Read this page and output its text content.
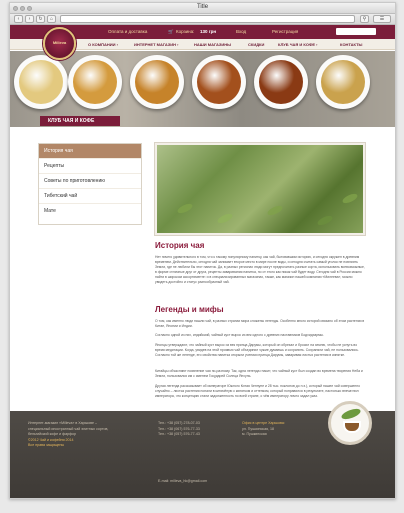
Title
‹	›	↻	⌂	⚲	☰
Оплата и доставка	🛒 Корзина: 130 грн	Вход	Регистрация
О КОМПАНИИ ›	ИНТЕРНЕТ МАГАЗИН ›	НАШИ МАГАЗИНЫ	СКИДКИ	КЛУБ ЧАЯ И КОФЕ ›	КОНТАКТЫ
Milleva
КЛУБ ЧАЯ И КОФЕ
История чая
Рецепты
Советы по приготовлению
Тибетский чай
Мате
История чая
Нет ничего удивительного в том, что к такому популярному напитку, как чай, бытовавшим историю, и сегодня окружен в древним временем. Действительно, сегодня чай занимает второе место в мире после воды, и сегодня считать самый уголок не повлиять Земли, где не любили бы этот напиток. Да, в разных регионах люди могут предпочитать разные сорта, использовать всевозможные, в форме отличные друг от друга, рецепты заваривания напитка, но от этого как никак чай будет воду. Сегодня чай в России можно найти в широком ассортименте: и в специализированных магазинах, также, как магазин нашей компании «Милеева», можно увидеть достойно и статус разнообразный чай.
Легенды и мифы
О том, как именно люди нашли чай, в разных странах мира сложены легенды. Особенно много историй связано об этом растении в Китае, Японии и Индии.
Согласно одной из них, индийский, чайный куст вырос из век одного с древних наставников Бодхидхармы.
Японцы утверждают, что чайный куст вырос из век принца Дарумы, который он обрезал и бросил на землю, чтобы не уснуть во время медитации. Когда, увидев на этой проявью чай объединил чужие думаешь и сохранить. Сохраняли чай, не пользовались. Согласно той же легенде, его свойства напитка открыли ученики принца Дарумы, заваривая листья растения в кипятке.
Китайцы объясняют появление чая по-разному. Так, одна легенда гласит, что чайный куст был создан во времена творения Неба и Земли, пользовался им с именем Государей Солнца Янхунь.
Другая легенда рассказывает об императоре Южного Китая Ченнуне и 28 тыс. поклонов до н.э.), который нашел чай совершенно случайно – листья растения попали в кипячёную с кипятком и оттенком, который понравился в результате, настолько впечатлил императора, что концепцию стали задолженность по всей стране, о чём императору лично задал указ.
Интернет-магазин «Millevа» в Харькове –
специальный иностранный чай элитных сортов,
бельгийский кофе и фарфор
©2012 Чай и кофейня 2014
Все права защищены
Тел.: +38 (057) 278-07-03
Тел.: +38 (067) 576-77-33
Тел.: +38 (057) 576-77-43
Офис в центре Харькова:
ул. Пушкинская, 18
м. Пушкинская
E-mail: milleva_hk@gmail.com
